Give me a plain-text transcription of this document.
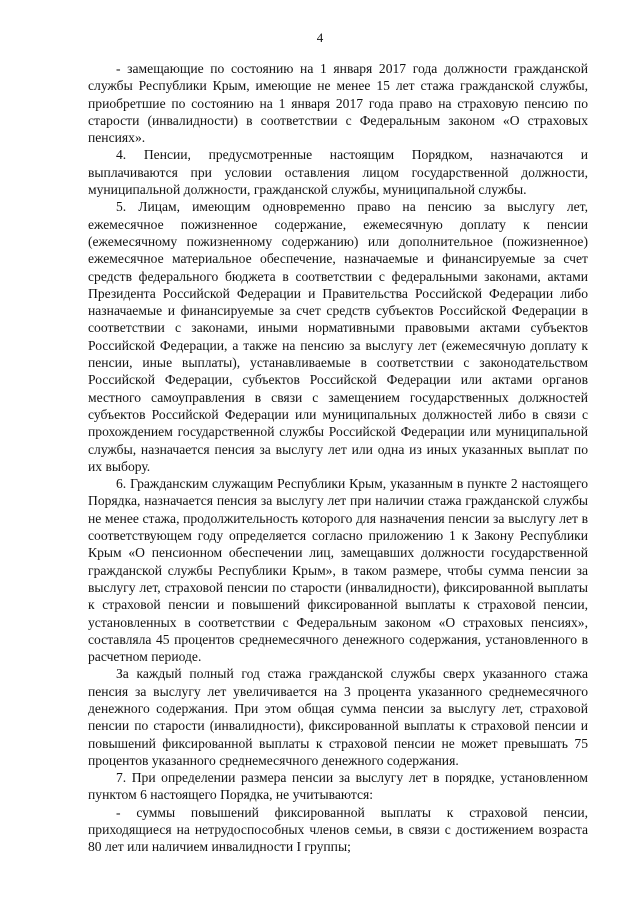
4

- замещающие по состоянию на 1 января 2017 года должности гражданской службы Республики Крым, имеющие не менее 15 лет стажа гражданской службы, приобретшие по состоянию на 1 января 2017 года право на страховую пенсию по старости (инвалидности) в соответствии с Федеральным законом «О страховых пенсиях».

4. Пенсии, предусмотренные настоящим Порядком, назначаются и выплачиваются при условии оставления лицом государственной должности, муниципальной должности, гражданской службы, муниципальной службы.

5. Лицам, имеющим одновременно право на пенсию за выслугу лет, ежемесячное пожизненное содержание, ежемесячную доплату к пенсии (ежемесячному пожизненному содержанию) или дополнительное (пожизненное) ежемесячное материальное обеспечение, назначаемые и финансируемые за счет средств федерального бюджета в соответствии с федеральными законами, актами Президента Российской Федерации и Правительства Российской Федерации либо назначаемые и финансируемые за счет средств субъектов Российской Федерации в соответствии с законами, иными нормативными правовыми актами субъектов Российской Федерации, а также на пенсию за выслугу лет (ежемесячную доплату к пенсии, иные выплаты), устанавливаемые в соответствии с законодательством Российской Федерации, субъектов Российской Федерации или актами органов местного самоуправления в связи с замещением государственных должностей субъектов Российской Федерации или муниципальных должностей либо в связи с прохождением государственной службы Российской Федерации или муниципальной службы, назначается пенсия за выслугу лет или одна из иных указанных выплат по их выбору.

6. Гражданским служащим Республики Крым, указанным в пункте 2 настоящего Порядка, назначается пенсия за выслугу лет при наличии стажа гражданской службы не менее стажа, продолжительность которого для назначения пенсии за выслугу лет в соответствующем году определяется согласно приложению 1 к Закону Республики Крым «О пенсионном обеспечении лиц, замещавших должности государственной гражданской службы Республики Крым», в таком размере, чтобы сумма пенсии за выслугу лет, страховой пенсии по старости (инвалидности), фиксированной выплаты к страховой пенсии и повышений фиксированной выплаты к страховой пенсии, установленных в соответствии с Федеральным законом «О страховых пенсиях», составляла 45 процентов среднемесячного денежного содержания, установленного в расчетном периоде.

За каждый полный год стажа гражданской службы сверх указанного стажа пенсия за выслугу лет увеличивается на 3 процента указанного среднемесячного денежного содержания. При этом общая сумма пенсии за выслугу лет, страховой пенсии по старости (инвалидности), фиксированной выплаты к страховой пенсии и повышений фиксированной выплаты к страховой пенсии не может превышать 75 процентов указанного среднемесячного денежного содержания.

7. При определении размера пенсии за выслугу лет в порядке, установленном пунктом 6 настоящего Порядка, не учитываются:

- суммы повышений фиксированной выплаты к страховой пенсии, приходящиеся на нетрудоспособных членов семьи, в связи с достижением возраста 80 лет или наличием инвалидности I группы;
